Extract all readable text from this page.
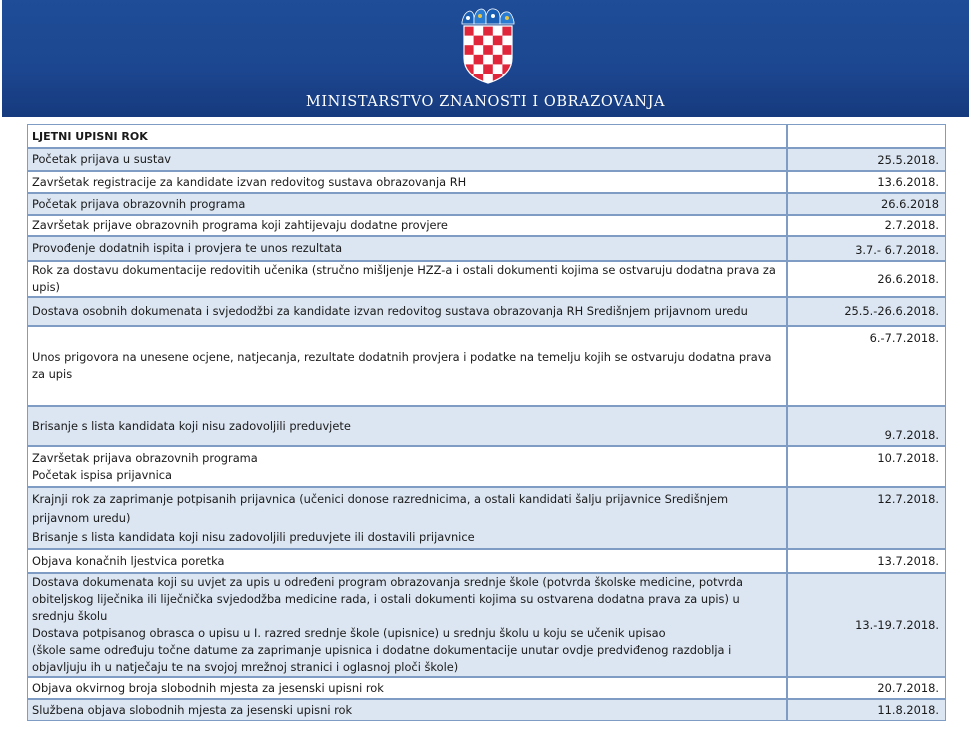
MINISTARSTVO ZNANOSTI I OBRAZOVANJA
LJETNI UPISNI ROK	

Početak prijava u sustav	25.5.2018.

Završetak registracije za kandidate izvan redovitog sustava obrazovanja RH	13.6.2018.

Početak prijava obrazovnih programa	26.6.2018

Završetak prijave obrazovnih programa koji zahtijevaju dodatne provjere	2.7.2018.

Provođenje dodatnih ispita i provjera te unos rezultata	3.7.- 6.7.2018.

Rok za dostavu dokumentacije redovitih učenika (stručno mišljenje HZZ-a i ostali dokumenti kojima se ostvaruju dodatna prava za upis)	26.6.2018.

Dostava osobnih dokumenata i svjedodžbi za kandidate izvan redovitog sustava obrazovanja RH Središnjem prijavnom uredu	25.5.-26.6.2018.

Unos prigovora na unesene ocjene, natjecanja, rezultate dodatnih provjera i podatke na temelju kojih se ostvaruju dodatna prava za upis	6.-7.7.2018.

Brisanje s lista kandidata koji nisu zadovoljili preduvjete	9.7.2018.

Završetak prijava obrazovnih programa
Početak ispisa prijavnica	10.7.2018.

Krajnji rok za zaprimanje potpisanih prijavnica (učenici donose razrednicima, a ostali kandidati šalju prijavnice Središnjem prijavnom uredu)
Brisanje s lista kandidata koji nisu zadovoljili preduvjete ili dostavili prijavnice	12.7.2018.

Objava konačnih ljestvica poretka	13.7.2018.

Dostava dokumenata koji su uvjet za upis u određeni program obrazovanja srednje škole (potvrda školske medicine, potvrda obiteljskog liječnika ili liječnička svjedodžba medicine rada, i ostali dokumenti kojima su ostvarena dodatna prava za upis) u srednju školu
Dostava potpisanog obrasca o upisu u I. razred srednje škole (upisnice) u srednju školu u koju se učenik upisao
(škole same određuju točne datume za zaprimanje upisnica i dodatne dokumentacije unutar ovdje predviđenog razdoblja i objavljuju ih u natječaju te na svojoj mrežnoj stranici i oglasnoj ploči škole)	13.-19.7.2018.

Objava okvirnog broja slobodnih mjesta za jesenski upisni rok	20.7.2018.

Službena objava slobodnih mjesta za jesenski upisni rok	11.8.2018.
